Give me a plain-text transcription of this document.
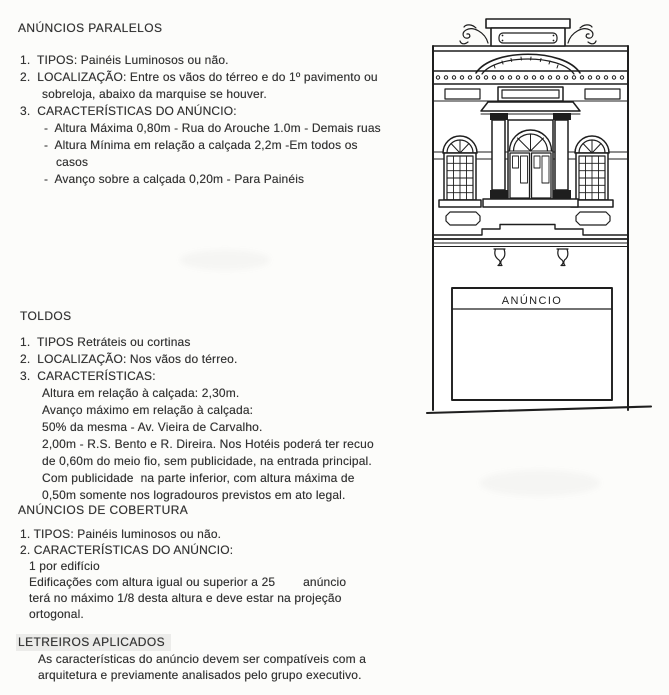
ANÚNCIOS PARALELOS
1.  TIPOS: Painéis Luminosos ou não.
2.  LOCALIZAÇÃO: Entre os vãos do térreo e do 1º pavimento ou
sobreloja, abaixo da marquise se houver.
3.  CARACTERÍSTICAS DO ANÚNCIO:
-  Altura Máxima 0,80m - Rua do Arouche 1.0m - Demais ruas
-  Altura Mínima em relação a calçada 2,2m -Em todos os
casos
-  Avanço sobre a calçada 0,20m - Para Painéis
TOLDOS
1.  TIPOS Retráteis ou cortinas
2.  LOCALIZAÇÃO: Nos vãos do térreo.
3.  CARACTERÍSTICAS:
Altura em relação à calçada: 2,30m.
Avanço máximo em relação à calçada:
50% da mesma - Av. Vieira de Carvalho.
2,00m - R.S. Bento e R. Direira. Nos Hotéis poderá ter recuo
de 0,60m do meio fio, sem publicidade, na entrada principal.
Com publicidade  na parte inferior, com altura máxima de
0,50m somente nos logradouros previstos em ato legal.
ANÚNCIOS DE COBERTURA
1. TIPOS: Painéis luminosos ou não.
2. CARACTERÍSTICAS DO ANÚNCIO:
1 por edifício
Edificações com altura igual ou superior a 25        anúncio
terá no máximo 1/8 desta altura e deve estar na projeção
ortogonal.
LETREIROS APLICADOS
As características do anúncio devem ser compatíveis com a
arquitetura e previamente analisados pelo grupo executivo.
ANÚNCIO
